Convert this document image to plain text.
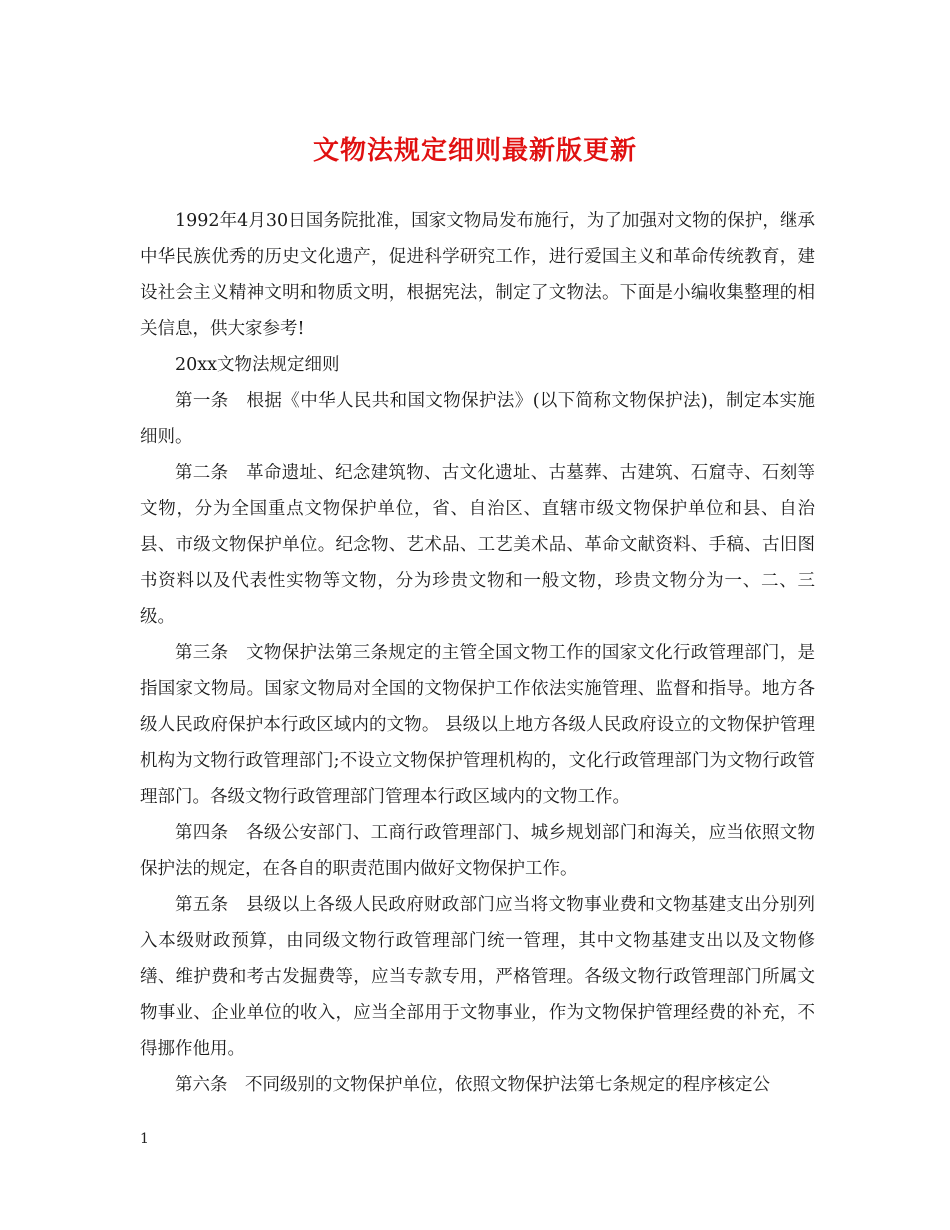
文物法规定细则最新版更新

1992年4月30日国务院批准，国家文物局发布施行，为了加强对文物的保护，继承中华民族优秀的历史文化遗产，促进科学研究工作，进行爱国主义和革命传统教育，建设社会主义精神文明和物质文明，根据宪法，制定了文物法。下面是小编收集整理的相关信息，供大家参考!

20xx文物法规定细则

第一条　根据《中华人民共和国文物保护法》(以下简称文物保护法)，制定本实施细则。

第二条　革命遗址、纪念建筑物、古文化遗址、古墓葬、古建筑、石窟寺、石刻等文物，分为全国重点文物保护单位，省、自治区、直辖市级文物保护单位和县、自治县、市级文物保护单位。纪念物、艺术品、工艺美术品、革命文献资料、手稿、古旧图书资料以及代表性实物等文物，分为珍贵文物和一般文物，珍贵文物分为一、二、三级。

第三条　文物保护法第三条规定的主管全国文物工作的国家文化行政管理部门，是指国家文物局。国家文物局对全国的文物保护工作依法实施管理、监督和指导。地方各级人民政府保护本行政区域内的文物。 县级以上地方各级人民政府设立的文物保护管理机构为文物行政管理部门;不设立文物保护管理机构的，文化行政管理部门为文物行政管理部门。各级文物行政管理部门管理本行政区域内的文物工作。

第四条　各级公安部门、工商行政管理部门、城乡规划部门和海关，应当依照文物保护法的规定，在各自的职责范围内做好文物保护工作。

第五条　县级以上各级人民政府财政部门应当将文物事业费和文物基建支出分别列入本级财政预算，由同级文物行政管理部门统一管理，其中文物基建支出以及文物修缮、维护费和考古发掘费等，应当专款专用，严格管理。各级文物行政管理部门所属文物事业、企业单位的收入，应当全部用于文物事业，作为文物保护管理经费的补充，不得挪作他用。

第六条　不同级别的文物保护单位，依照文物保护法第七条规定的程序核定公

1
